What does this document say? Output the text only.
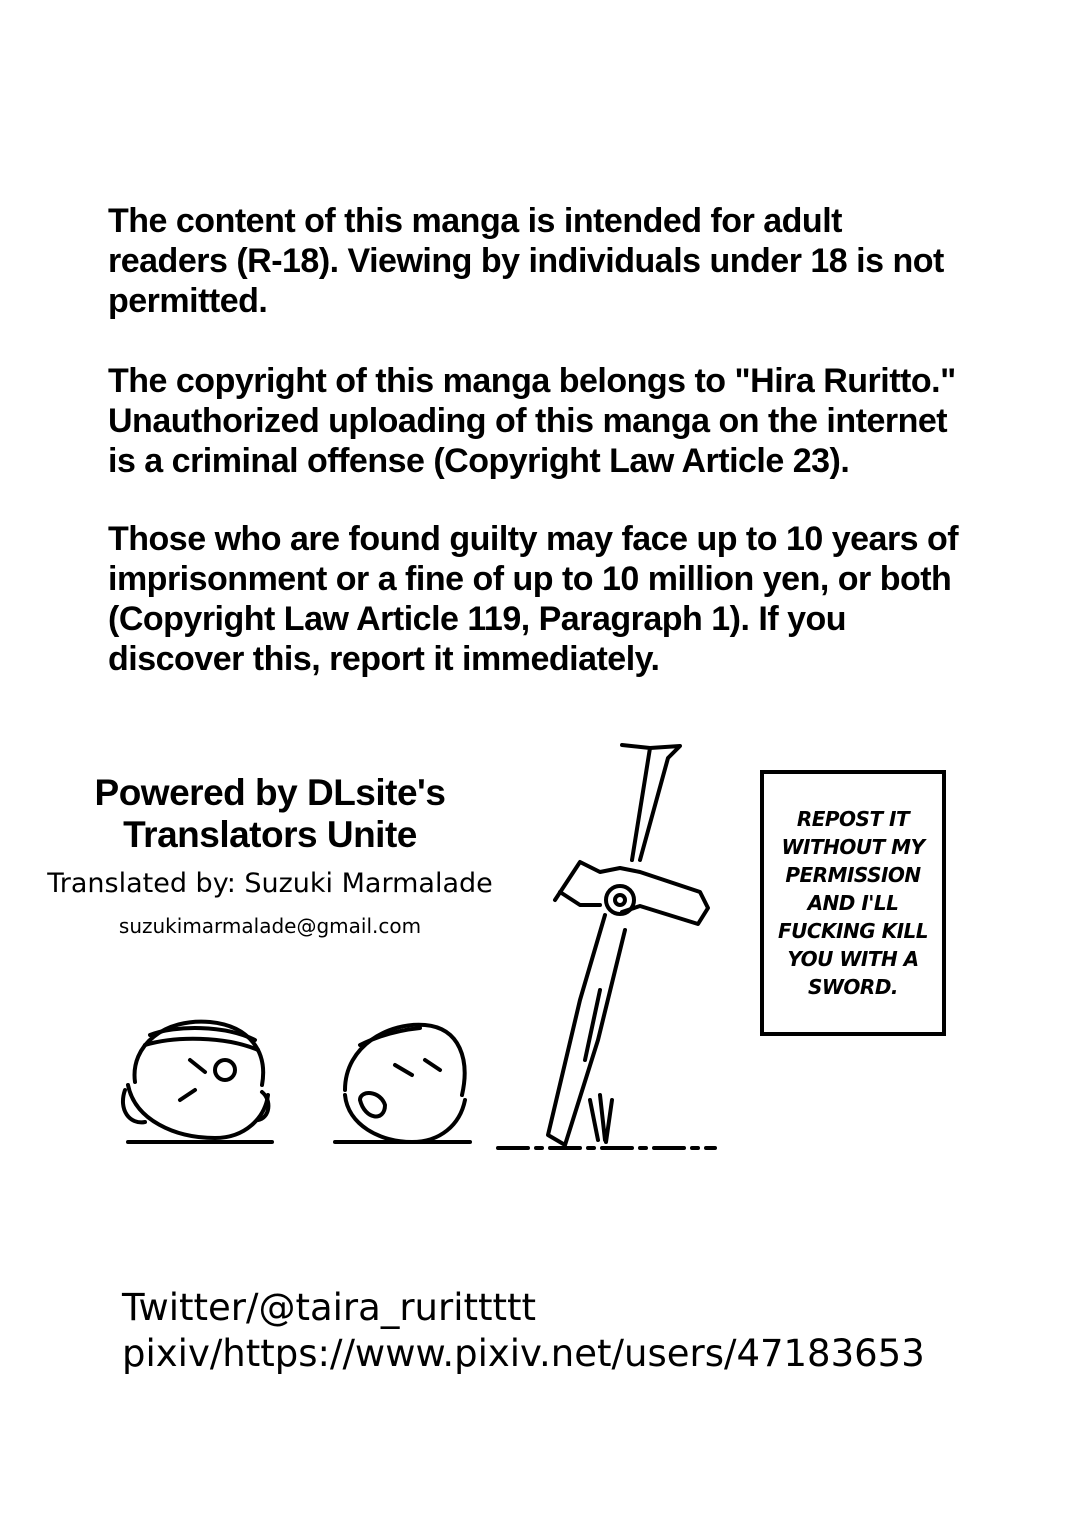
The content of this manga is intended for adult readers (R-18). Viewing by individuals under 18 is not permitted.

The copyright of this manga belongs to "Hira Ruritto." Unauthorized uploading of this manga on the internet is a criminal offense (Copyright Law Article 23).

Those who are found guilty may face up to 10 years of imprisonment or a fine of up to 10 million yen, or both (Copyright Law Article 119, Paragraph 1). If you discover this, report it immediately.

Powered by DLsite's

Translators Unite

Translated by: Suzuki Marmalade

suzukimarmalade@gmail.com

REPOST IT WITHOUT MY PERMISSION AND I'LL FUCKING KILL YOU WITH A SWORD.

Twitter/@taira_rurittttt

pixiv/https://www.pixiv.net/users/47183653
